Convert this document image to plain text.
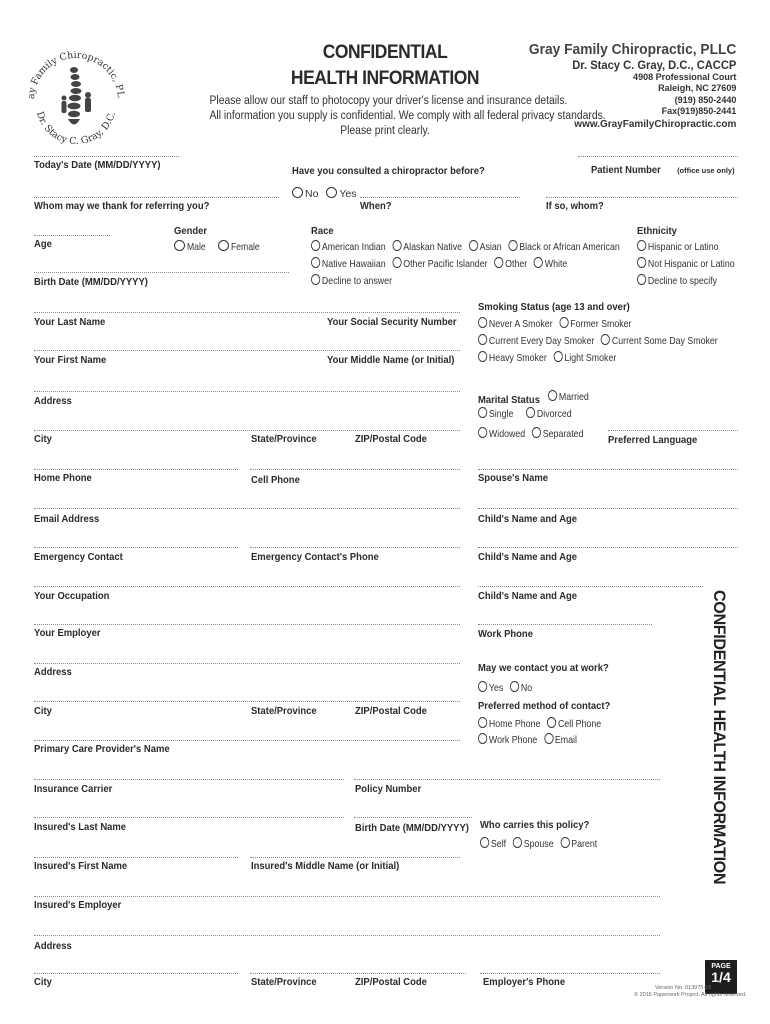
ay Family Chiropractic, PL
Dr. Stacy C. Gray, D.C.
CONFIDENTIAL
HEALTH INFORMATION
Please allow our staff to photocopy your driver's license and insurance details.
All information you supply is confidential. We comply with all federal privacy standards.
Please print clearly.
Gray Family Chiropractic, PLLC
Dr. Stacy C. Gray, D.C., CACCP
4908 Professional Court
Raleigh, NC 27609
(919) 850-2440
Fax(919)850-2441
www.GrayFamilyChiropractic.com
Today's Date (MM/DD/YYYY)	Have you consulted a chiropractor before?	Patient Number (office use only)
No Yes
Whom may we thank for referring you?	When?	If so, whom?
Gender	Race	Ethnicity
Age	Male Female	American Indian Alaskan Native Asian Black or African American
Native Hawaiian Other Pacific Islander Other White
Decline to answer
Hispanic or Latino
Not Hispanic or Latino
Decline to specify
Birth Date (MM/DD/YYYY)
Your Last Name	Your Social Security Number
Your First Name	Your Middle Name (or Initial)
Address
City	State/Province	ZIP/Postal Code
Home Phone	Cell Phone
Email Address
Emergency Contact	Emergency Contact's Phone
Your Occupation
Your Employer
Address
City	State/Province	ZIP/Postal Code
Primary Care Provider's Name
Insurance Carrier	Policy Number
Insured's Last Name	Birth Date (MM/DD/YYYY)
Insured's First Name	Insured's Middle Name (or Initial)
Insured's Employer
Address
City	State/Province	ZIP/Postal Code	Employer's Phone
Smoking Status (age 13 and over)
Never A Smoker Former Smoker
Current Every Day Smoker Current Some Day Smoker
Heavy Smoker Light Smoker
Marital Status	Married
Single Divorced
Widowed Separated	Preferred Language
Spouse's Name
Child's Name and Age
Child's Name and Age
Child's Name and Age
Work Phone
May we contact you at work?
Yes No
Preferred method of contact?
Home Phone Cell Phone
Work Phone Email
Who carries this policy?
Self Spouse Parent	CONFIDENTIAL HEALTH INFORMATION
PAGE
1/4
Version No. 013975-18
© 2015 Paperwork Project. All rights reserved.
